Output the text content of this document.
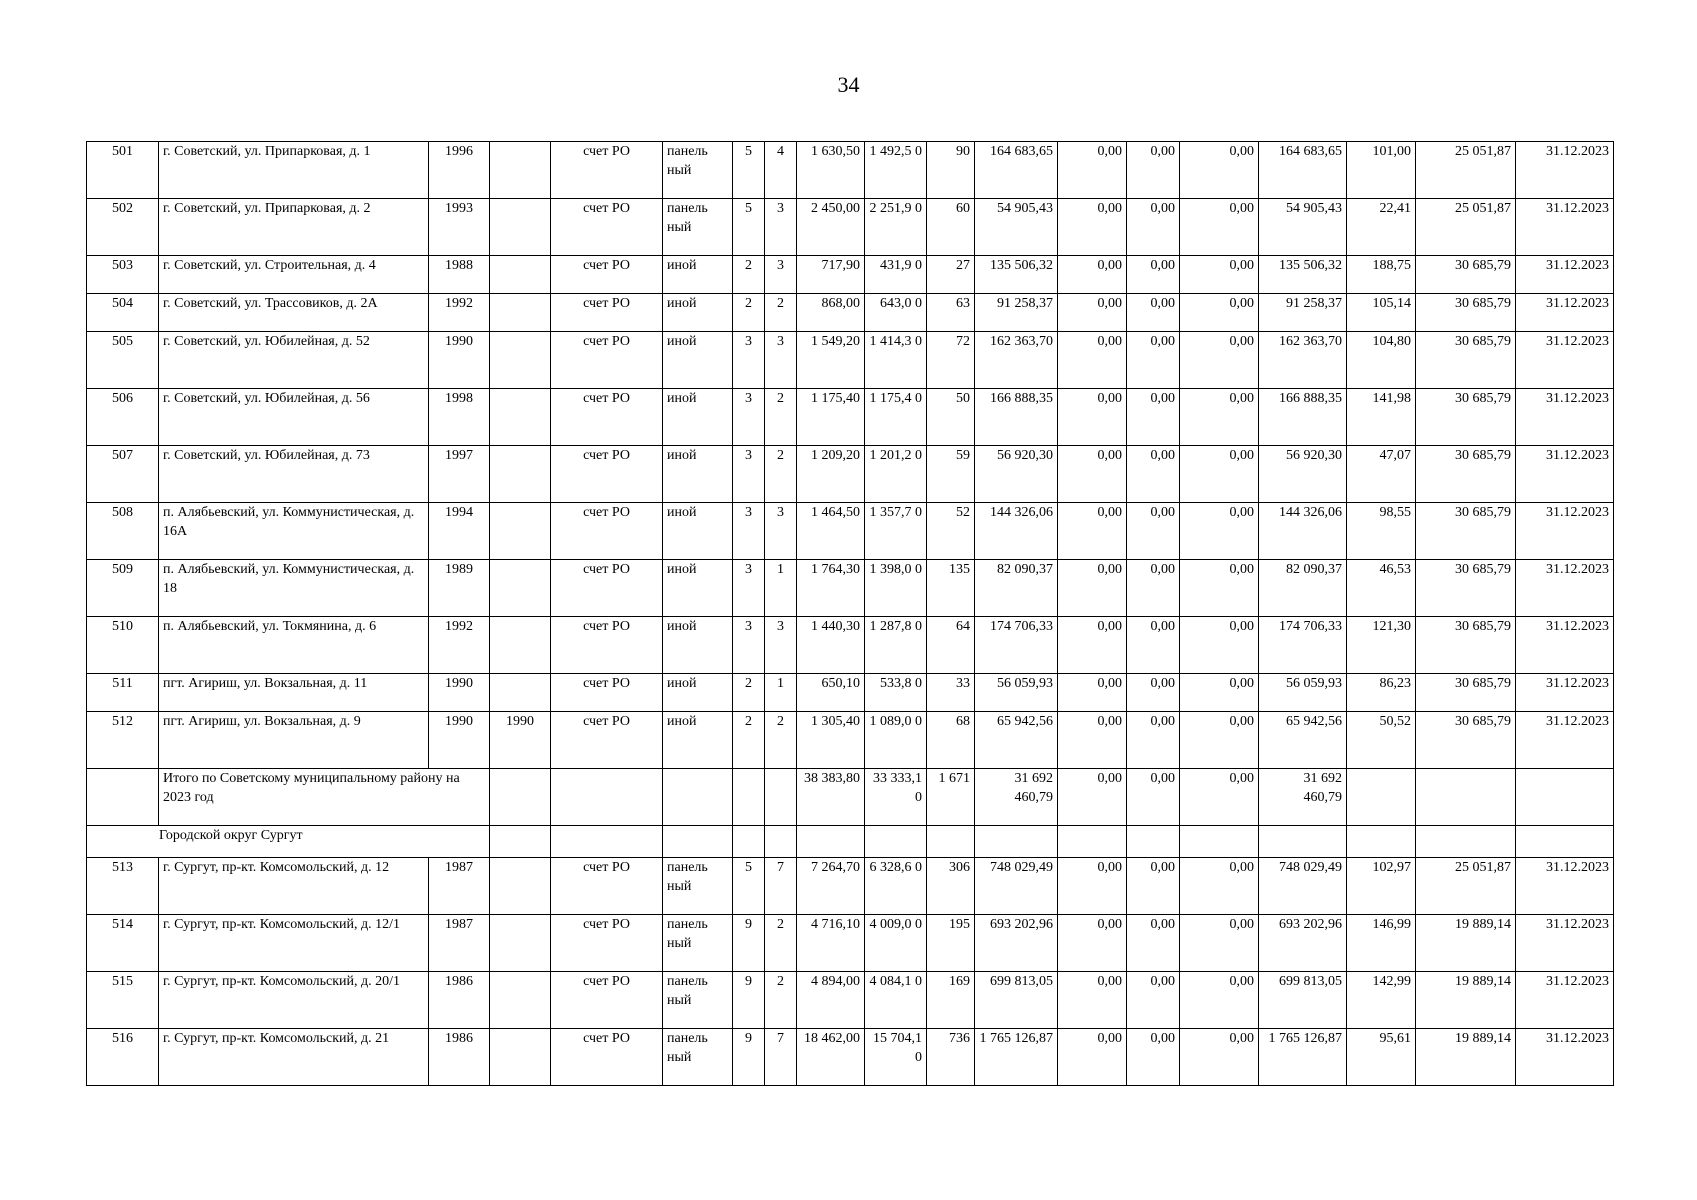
34
501	г. Советский, ул. Припарковая, д. 1	1996		счет РО	панель ный	5	4	1 630,50	1 492,5 0	90	164 683,65	0,00	0,00	0,00	164 683,65	101,00	25 051,87	31.12.2023
502	г. Советский, ул. Припарковая, д. 2	1993		счет РО	панель ный	5	3	2 450,00	2 251,9 0	60	54 905,43	0,00	0,00	0,00	54 905,43	22,41	25 051,87	31.12.2023
503	г. Советский, ул. Строительная, д. 4	1988		счет РО	иной	2	3	717,90	431,9 0	27	135 506,32	0,00	0,00	0,00	135 506,32	188,75	30 685,79	31.12.2023
504	г. Советский, ул. Трассовиков, д. 2А	1992		счет РО	иной	2	2	868,00	643,0 0	63	91 258,37	0,00	0,00	0,00	91 258,37	105,14	30 685,79	31.12.2023
505	г. Советский, ул. Юбилейная, д. 52	1990		счет РО	иной	3	3	1 549,20	1 414,3 0	72	162 363,70	0,00	0,00	0,00	162 363,70	104,80	30 685,79	31.12.2023
506	г. Советский, ул. Юбилейная, д. 56	1998		счет РО	иной	3	2	1 175,40	1 175,4 0	50	166 888,35	0,00	0,00	0,00	166 888,35	141,98	30 685,79	31.12.2023
507	г. Советский, ул. Юбилейная, д. 73	1997		счет РО	иной	3	2	1 209,20	1 201,2 0	59	56 920,30	0,00	0,00	0,00	56 920,30	47,07	30 685,79	31.12.2023
508	п. Алябьевский, ул. Коммунистическая, д. 16А	1994		счет РО	иной	3	3	1 464,50	1 357,7 0	52	144 326,06	0,00	0,00	0,00	144 326,06	98,55	30 685,79	31.12.2023
509	п. Алябьевский, ул. Коммунистическая, д. 18	1989		счет РО	иной	3	1	1 764,30	1 398,0 0	135	82 090,37	0,00	0,00	0,00	82 090,37	46,53	30 685,79	31.12.2023
510	п. Алябьевский, ул. Токмянина, д. 6	1992		счет РО	иной	3	3	1 440,30	1 287,8 0	64	174 706,33	0,00	0,00	0,00	174 706,33	121,30	30 685,79	31.12.2023
511	пгт. Агириш, ул. Вокзальная, д. 11	1990		счет РО	иной	2	1	650,10	533,8 0	33	56 059,93	0,00	0,00	0,00	56 059,93	86,23	30 685,79	31.12.2023
512	пгт. Агириш, ул. Вокзальная, д. 9	1990	1990	счет РО	иной	2	2	1 305,40	1 089,0 0	68	65 942,56	0,00	0,00	0,00	65 942,56	50,52	30 685,79	31.12.2023
	Итого по Советскому муниципальному району на 2023 год							38 383,80	33 333,1 0	1 671	31 692 460,79	0,00	0,00	0,00	31 692 460,79			
Городской округ Сургут																		
513	г. Сургут, пр-кт. Комсомольский, д. 12	1987		счет РО	панель ный	5	7	7 264,70	6 328,6 0	306	748 029,49	0,00	0,00	0,00	748 029,49	102,97	25 051,87	31.12.2023
514	г. Сургут, пр-кт. Комсомольский, д. 12/1	1987		счет РО	панель ный	9	2	4 716,10	4 009,0 0	195	693 202,96	0,00	0,00	0,00	693 202,96	146,99	19 889,14	31.12.2023
515	г. Сургут, пр-кт. Комсомольский, д. 20/1	1986		счет РО	панель ный	9	2	4 894,00	4 084,1 0	169	699 813,05	0,00	0,00	0,00	699 813,05	142,99	19 889,14	31.12.2023
516	г. Сургут, пр-кт. Комсомольский, д. 21	1986		счет РО	панель ный	9	7	18 462,00	15 704,1 0	736	1 765 126,87	0,00	0,00	0,00	1 765 126,87	95,61	19 889,14	31.12.2023
